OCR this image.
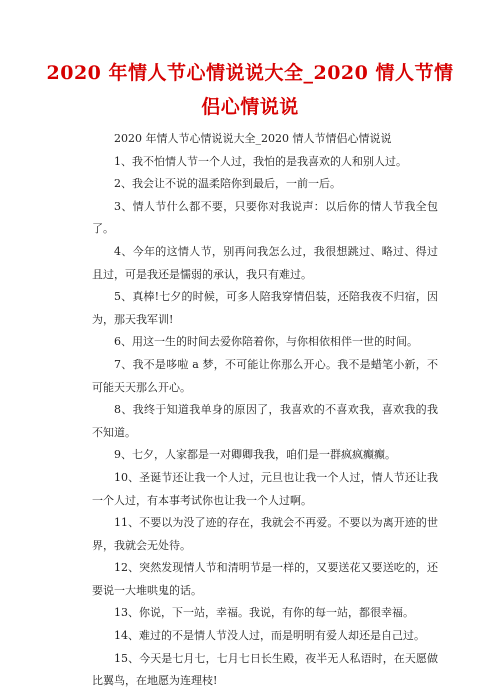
2020 年情人节心情说说大全_2020 情人节情侣心情说说

2020 年情人节心情说说大全_2020 情人节情侣心情说说

1、我不怕情人节一个人过，我怕的是我喜欢的人和别人过。

2、我会让不说的温柔陪你到最后，一前一后。

3、情人节什么都不要，只要你对我说声：以后你的情人节我全包了。

4、今年的这情人节，别再问我怎么过，我很想跳过、略过、得过且过，可是我还是懦弱的承认，我只有难过。

5、真棒!七夕的时候，可多人陪我穿情侣装，还陪我夜不归宿，因为，那天我军训!

6、用这一生的时间去爱你陪着你，与你相依相伴一世的时间。

7、我不是哆啦 a 梦，不可能让你那么开心。我不是蜡笔小新，不可能天天那么开心。

8、我终于知道我单身的原因了，我喜欢的不喜欢我，喜欢我的我不知道。

9、七夕，人家都是一对卿卿我我，咱们是一群疯疯癫癫。

10、圣诞节还让我一个人过，元旦也让我一个人过，情人节还让我一个人过，有本事考试你也让我一个人过啊。

11、不要以为没了迹的存在，我就会不再爱。不要以为离开迹的世界，我就会无处待。

12、突然发现情人节和清明节是一样的，又要送花又要送吃的，还要说一大堆哄鬼的话。

13、你说，下一站，幸福。我说，有你的每一站，都很幸福。

14、难过的不是情人节没人过，而是明明有爱人却还是自己过。

15、今天是七月七，七月七日长生殿，夜半无人私语时，在天愿做比翼鸟，在地愿为连理枝!
